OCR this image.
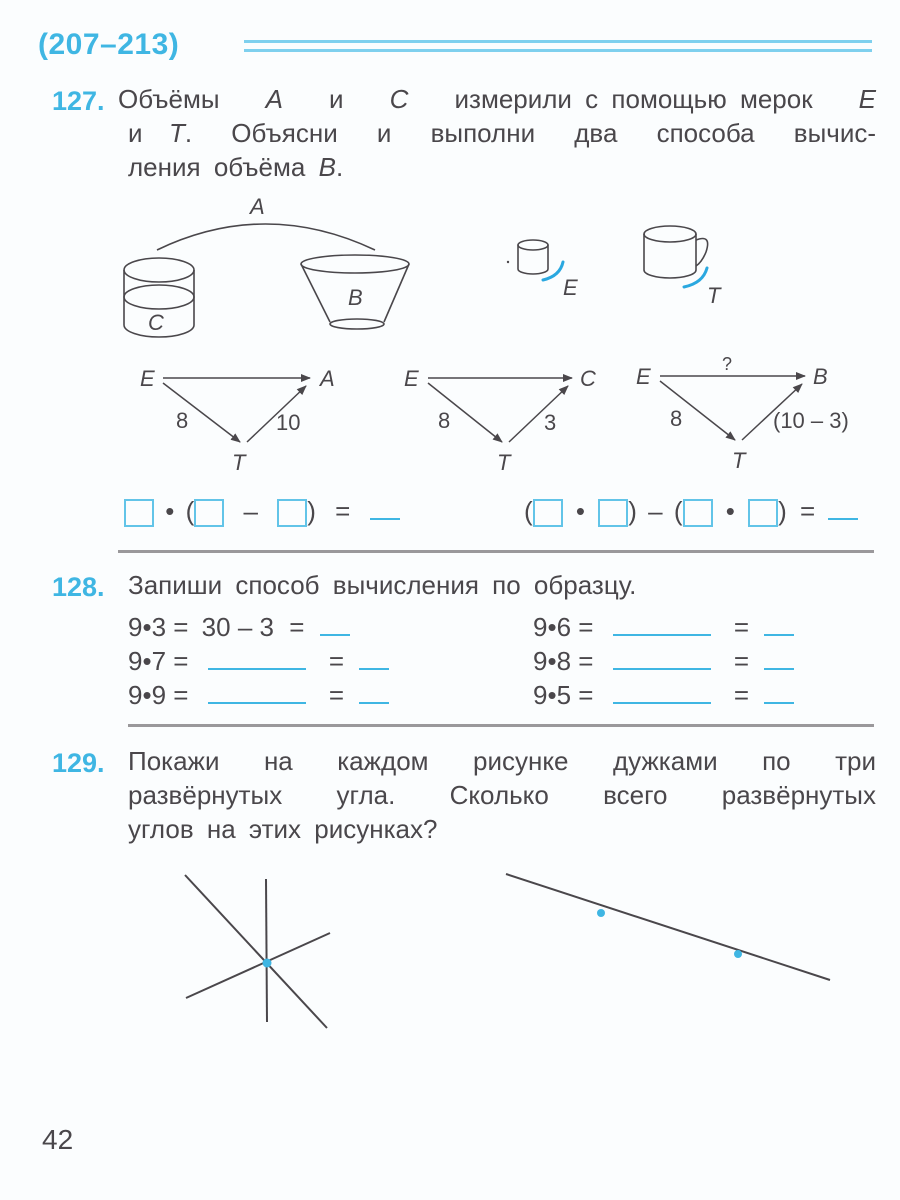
(207–213)
127. Объёмы A и C измерили с помощью мерок E
и
T . Объясни и выполни два способа вычис-
ления объёма B.
A
C
B	E	T
E	A
T
8	10
E	C
T
8	3
E	B
T
8	(10 – 3)
?
• ( – ) =	( • ) – ( • ) =
128. Запиши способ вычисления по образцу.
9•3 = 30 – 3 =
9•7 =	=
9•9 =	=
9•6 =	=
9•8 =	=
9•5 =	=
129. Покажи на каждом рисунке дужками по три
развёрнутых угла. Сколько всего развёрнутых
углов на этих рисунках?
42
